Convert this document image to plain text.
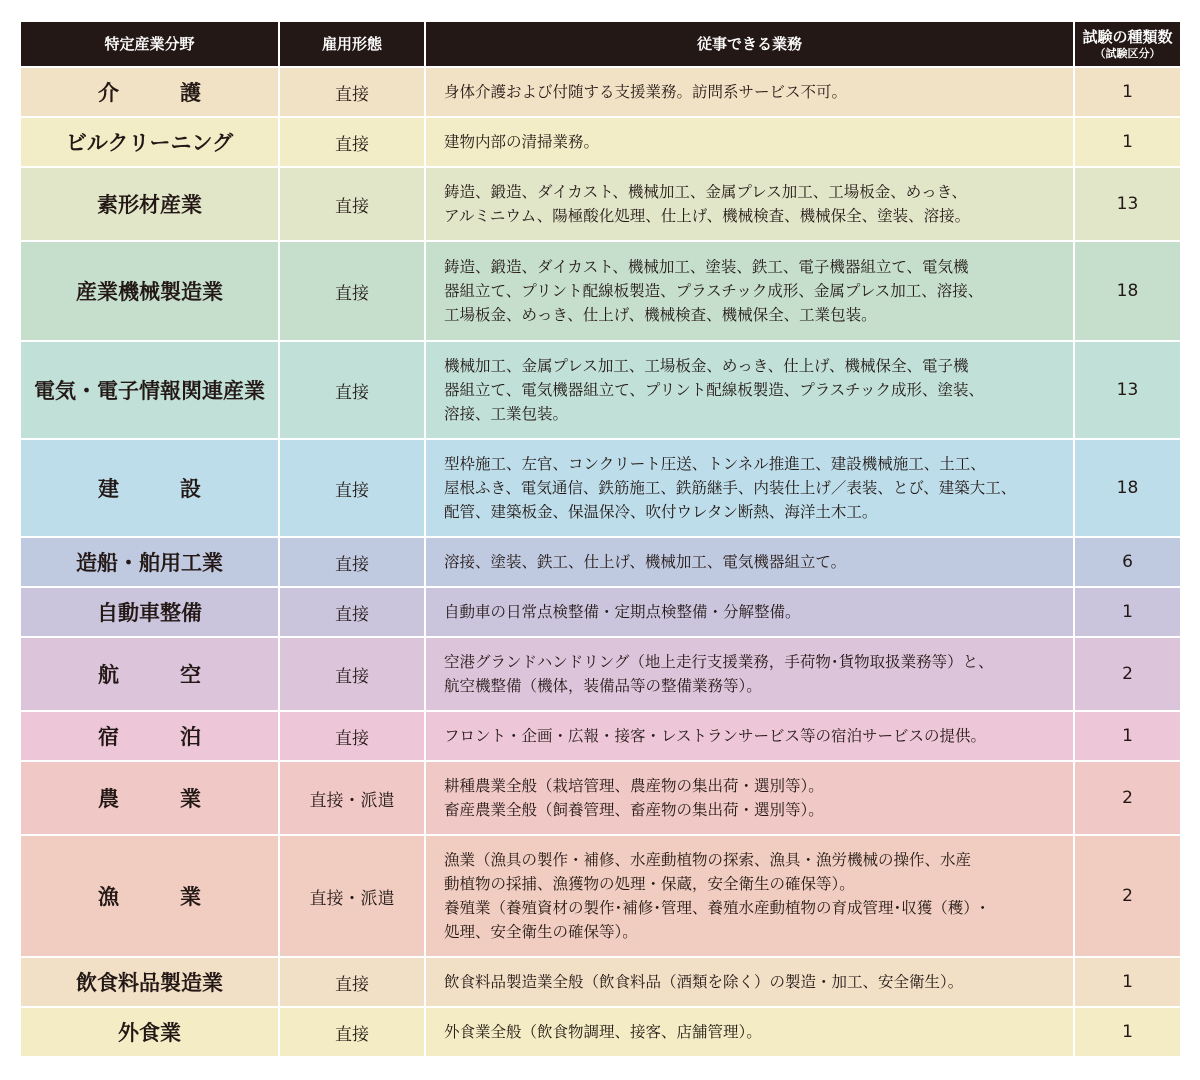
特定産業分野	雇用形態	従事できる業務	試験の種類数
（試験区分）

介　護	直接	身体介護および付随する支援業務。訪問系サービス不可。	1
ビルクリーニング	直接	建物内部の清掃業務。	1
素形材産業	直接	鋳造、鍛造、ダイカスト、機械加工、金属プレス加工、工場板金、めっき、
アルミニウム、陽極酸化処理、仕上げ、機械検査、機械保全、塗装、溶接。	13
産業機械製造業	直接	鋳造、鍛造、ダイカスト、機械加工、塗装、鉄工、電子機器組立て、電気機
器組立て、プリント配線板製造、プラスチック成形、金属プレス加工、溶接、
工場板金、めっき、仕上げ、機械検査、機械保全、工業包装。	18
電気・電子情報関連産業	直接	機械加工、金属プレス加工、工場板金、めっき、仕上げ、機械保全、電子機
器組立て、電気機器組立て、プリント配線板製造、プラスチック成形、塗装、
溶接、工業包装。	13
建　設	直接	型枠施工、左官、コンクリート圧送、トンネル推進工、建設機械施工、土工、
屋根ふき、電気通信、鉄筋施工、鉄筋継手、内装仕上げ／表装、とび、建築大工、
配管、建築板金、保温保冷、吹付ウレタン断熱、海洋土木工。	18
造船・舶用工業	直接	溶接、塗装、鉄工、仕上げ、機械加工、電気機器組立て。	6
自動車整備	直接	自動車の日常点検整備・定期点検整備・分解整備。	1
航　空	直接	空港グランドハンドリング（地上走行支援業務，手荷物･貨物取扱業務等）と、
航空機整備（機体，装備品等の整備業務等）。	2
宿　泊	直接	フロント・企画・広報・接客・レストランサービス等の宿泊サービスの提供。	1
農　業	直接・派遣	耕種農業全般（栽培管理、農産物の集出荷・選別等）。
畜産農業全般（飼養管理、畜産物の集出荷・選別等）。	2
漁　業	直接・派遣	漁業（漁具の製作・補修、水産動植物の探索、漁具・漁労機械の操作、水産
動植物の採捕、漁獲物の処理・保蔵，安全衛生の確保等）。
養殖業（養殖資材の製作･補修･管理、養殖水産動植物の育成管理･収獲（穫）･
処理、安全衛生の確保等）。	2
飲食料品製造業	直接	飲食料品製造業全般（飲食料品（酒類を除く）の製造・加工、安全衛生）。	1
外食業	直接	外食業全般（飲食物調理、接客、店舗管理）。	1
